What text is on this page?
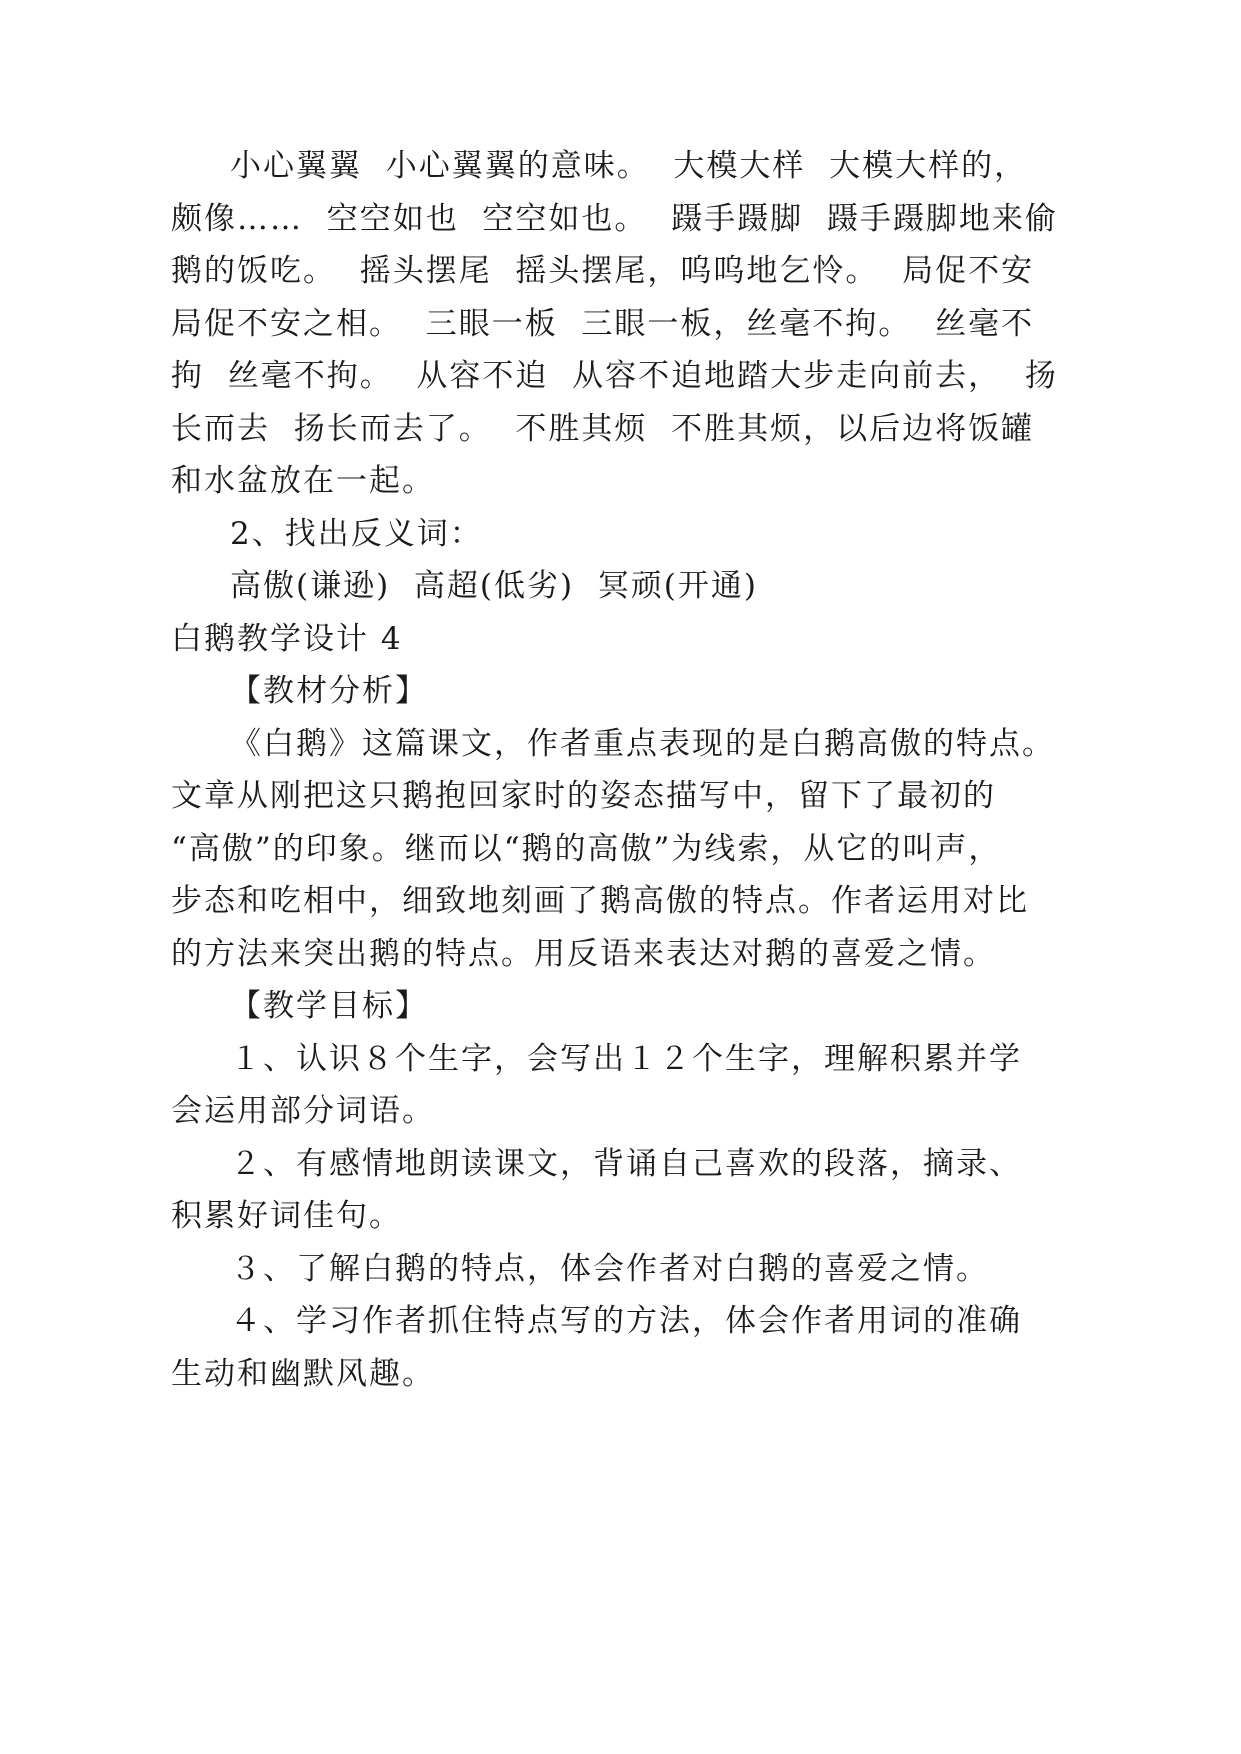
小心翼翼  小心翼翼的意味。  大模大样  大模大样的，
颇像……  空空如也  空空如也。  蹑手蹑脚  蹑手蹑脚地来偷
鹅的饭吃。  摇头摆尾  摇头摆尾，呜呜地乞怜。  局促不安
局促不安之相。  三眼一板  三眼一板，丝毫不拘。  丝毫不
拘  丝毫不拘。  从容不迫  从容不迫地踏大步走向前去，  扬
长而去  扬长而去了。  不胜其烦  不胜其烦，以后边将饭罐
和水盆放在一起。
2、找出反义词：
高傲(谦逊)  高超(低劣)  冥顽(开通)
白鹅教学设计 4
【教材分析】
《白鹅》这篇课文，作者重点表现的是白鹅高傲的特点。
文章从刚把这只鹅抱回家时的姿态描写中，留下了最初的
“高傲”的印象。继而以“鹅的高傲”为线索，从它的叫声，
步态和吃相中，细致地刻画了鹅高傲的特点。作者运用对比
的方法来突出鹅的特点。用反语来表达对鹅的喜爱之情。
【教学目标】
１、认识８个生字，会写出１２个生字，理解积累并学
会运用部分词语。
２、有感情地朗读课文，背诵自己喜欢的段落，摘录、
积累好词佳句。
３、了解白鹅的特点，体会作者对白鹅的喜爱之情。
４、学习作者抓住特点写的方法，体会作者用词的准确
生动和幽默风趣。
